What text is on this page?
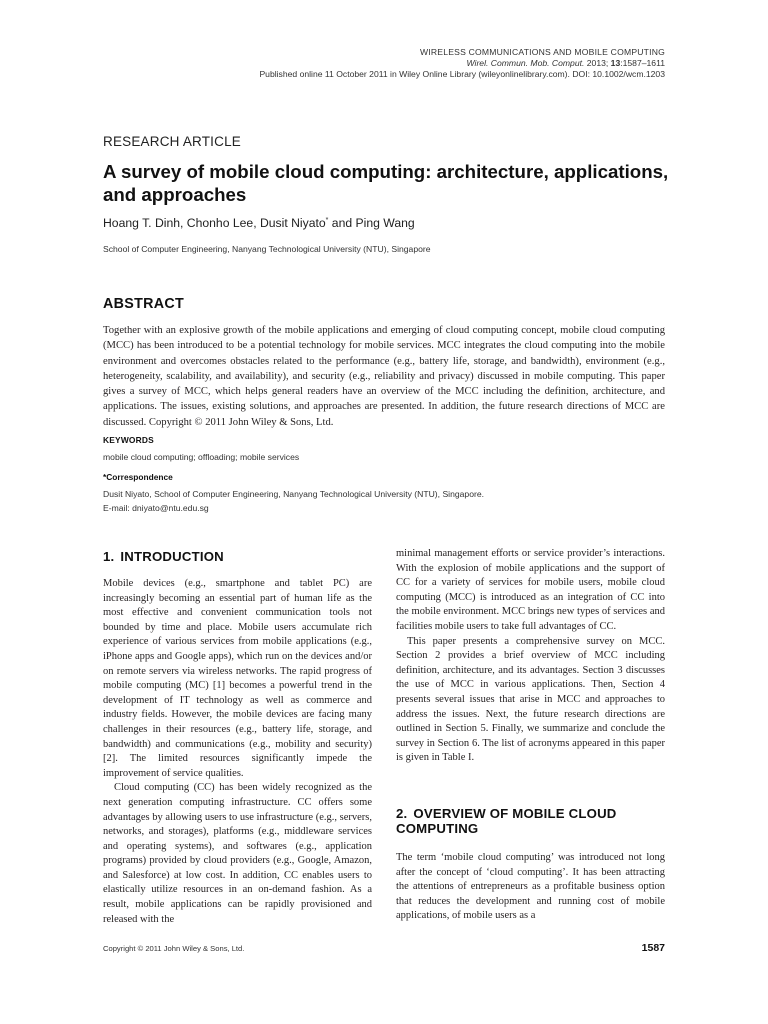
WIRELESS COMMUNICATIONS AND MOBILE COMPUTING
Wirel. Commun. Mob. Comput. 2013; 13:1587–1611
Published online 11 October 2011 in Wiley Online Library (wileyonlinelibrary.com). DOI: 10.1002/wcm.1203
RESEARCH ARTICLE
A survey of mobile cloud computing: architecture, applications, and approaches
Hoang T. Dinh, Chonho Lee, Dusit Niyato* and Ping Wang
School of Computer Engineering, Nanyang Technological University (NTU), Singapore
ABSTRACT
Together with an explosive growth of the mobile applications and emerging of cloud computing concept, mobile cloud computing (MCC) has been introduced to be a potential technology for mobile services. MCC integrates the cloud computing into the mobile environment and overcomes obstacles related to the performance (e.g., battery life, storage, and bandwidth), environment (e.g., heterogeneity, scalability, and availability), and security (e.g., reliability and privacy) discussed in mobile computing. This paper gives a survey of MCC, which helps general readers have an overview of the MCC including the definition, architecture, and applications. The issues, existing solutions, and approaches are presented. In addition, the future research directions of MCC are discussed. Copyright © 2011 John Wiley & Sons, Ltd.
KEYWORDS
mobile cloud computing; offloading; mobile services
*Correspondence
Dusit Niyato, School of Computer Engineering, Nanyang Technological University (NTU), Singapore.
E-mail: dniyato@ntu.edu.sg
1. INTRODUCTION

Mobile devices (e.g., smartphone and tablet PC) are increasingly becoming an essential part of human life as the most effective and convenient communication tools not bounded by time and place. Mobile users accumulate rich experience of various services from mobile applications (e.g., iPhone apps and Google apps), which run on the devices and/or on remote servers via wireless networks. The rapid progress of mobile computing (MC) [1] becomes a powerful trend in the development of IT technology as well as commerce and industry fields. However, the mobile devices are facing many challenges in their resources (e.g., battery life, storage, and bandwidth) and communications (e.g., mobility and security) [2]. The limited resources significantly impede the improvement of service qualities.

Cloud computing (CC) has been widely recognized as the next generation computing infrastructure. CC offers some advantages by allowing users to use infrastructure (e.g., servers, networks, and storages), platforms (e.g., middleware services and operating systems), and softwares (e.g., application programs) provided by cloud providers (e.g., Google, Amazon, and Salesforce) at low cost. In addition, CC enables users to elastically utilize resources in an on-demand fashion. As a result, mobile applications can be rapidly provisioned and released with the

minimal management efforts or service provider’s interactions. With the explosion of mobile applications and the support of CC for a variety of services for mobile users, mobile cloud computing (MCC) is introduced as an integration of CC into the mobile environment. MCC brings new types of services and facilities mobile users to take full advantages of CC.

This paper presents a comprehensive survey on MCC. Section 2 provides a brief overview of MCC including definition, architecture, and its advantages. Section 3 discusses the use of MCC in various applications. Then, Section 4 presents several issues that arise in MCC and approaches to address the issues. Next, the future research directions are outlined in Section 5. Finally, we summarize and conclude the survey in Section 6. The list of acronyms appeared in this paper is given in Table I.

2. OVERVIEW OF MOBILE CLOUD
COMPUTING

The term ‘mobile cloud computing’ was introduced not long after the concept of ‘cloud computing’. It has been attracting the attentions of entrepreneurs as a profitable business option that reduces the development and running cost of mobile applications, of mobile users as a

Copyright © 2011 John Wiley & Sons, Ltd.	1587
